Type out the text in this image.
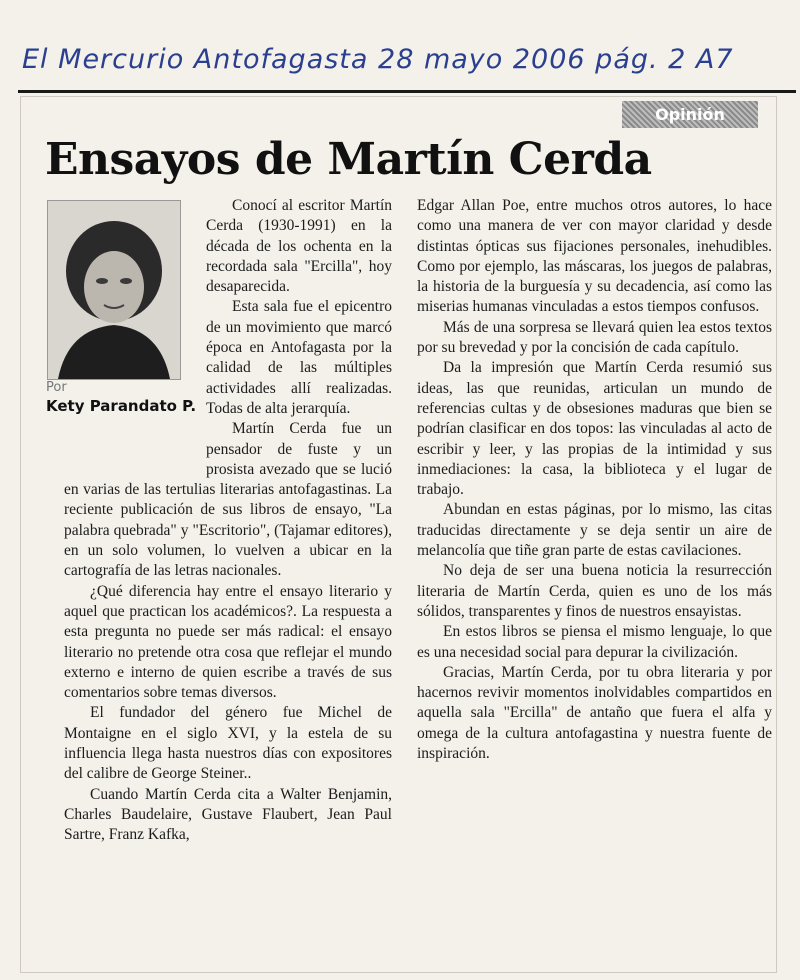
El Mercurio Antofagasta 28 mayo 2006 pág. 2 A7
Opinión
Ensayos de Martín Cerda
Por
Kety Parandato P.

Conocí al escritor Martín Cerda (1930-1991) en la década de los ochenta en la recordada sala "Ercilla", hoy desaparecida.

Esta sala fue el epicentro de un movimiento que marcó época en Antofagasta por la calidad de las múltiples actividades allí realizadas. Todas de alta jerarquía.

Martín Cerda fue un pensador de fuste y un prosista avezado que se lució en varias de las tertulias literarias antofagastinas. La reciente publicación de sus libros de ensayo, "La palabra quebrada" y "Escritorio", (Tajamar editores), en un solo volumen, lo vuelven a ubicar en la cartografía de las letras nacionales.

¿Qué diferencia hay entre el ensayo literario y aquel que practican los académicos?. La respuesta a esta pregunta no puede ser más radical: el ensayo literario no pretende otra cosa que reflejar el mundo externo e interno de quien escribe a través de sus comentarios sobre temas diversos.

El fundador del género fue Michel de Montaigne en el siglo XVI, y la estela de su influencia llega hasta nuestros días con expositores del calibre de George Steiner..

Cuando Martín Cerda cita a Walter Benjamin, Charles Baudelaire, Gustave Flaubert, Jean Paul Sartre, Franz Kafka,

Edgar Allan Poe, entre muchos otros autores, lo hace como una manera de ver con mayor claridad y desde distintas ópticas sus fijaciones personales, inehudibles. Como por ejemplo, las máscaras, los juegos de palabras, la historia de la burguesía y su decadencia, así como las miserias humanas vinculadas a estos tiempos confusos.

Más de una sorpresa se llevará quien lea estos textos por su brevedad y por la concisión de cada capítulo.

Da la impresión que Martín Cerda resumió sus ideas, las que reunidas, articulan un mundo de referencias cultas y de obsesiones maduras que bien se podrían clasificar en dos topos: las vinculadas al acto de escribir y leer, y las propias de la intimidad y sus inmediaciones: la casa, la biblioteca y el lugar de trabajo.

Abundan en estas páginas, por lo mismo, las citas traducidas directamente y se deja sentir un aire de melancolía que tiñe gran parte de estas cavilaciones.

No deja de ser una buena noticia la resurrección literaria de Martín Cerda, quien es uno de los más sólidos, transparentes y finos de nuestros ensayistas.

En estos libros se piensa el mismo lenguaje, lo que es una necesidad social para depurar la civilización.

Gracias, Martín Cerda, por tu obra literaria y por hacernos revivir momentos inolvidables compartidos en aquella sala "Ercilla" de antaño que fuera el alfa y omega de la cultura antofagastina y nuestra fuente de inspiración.
